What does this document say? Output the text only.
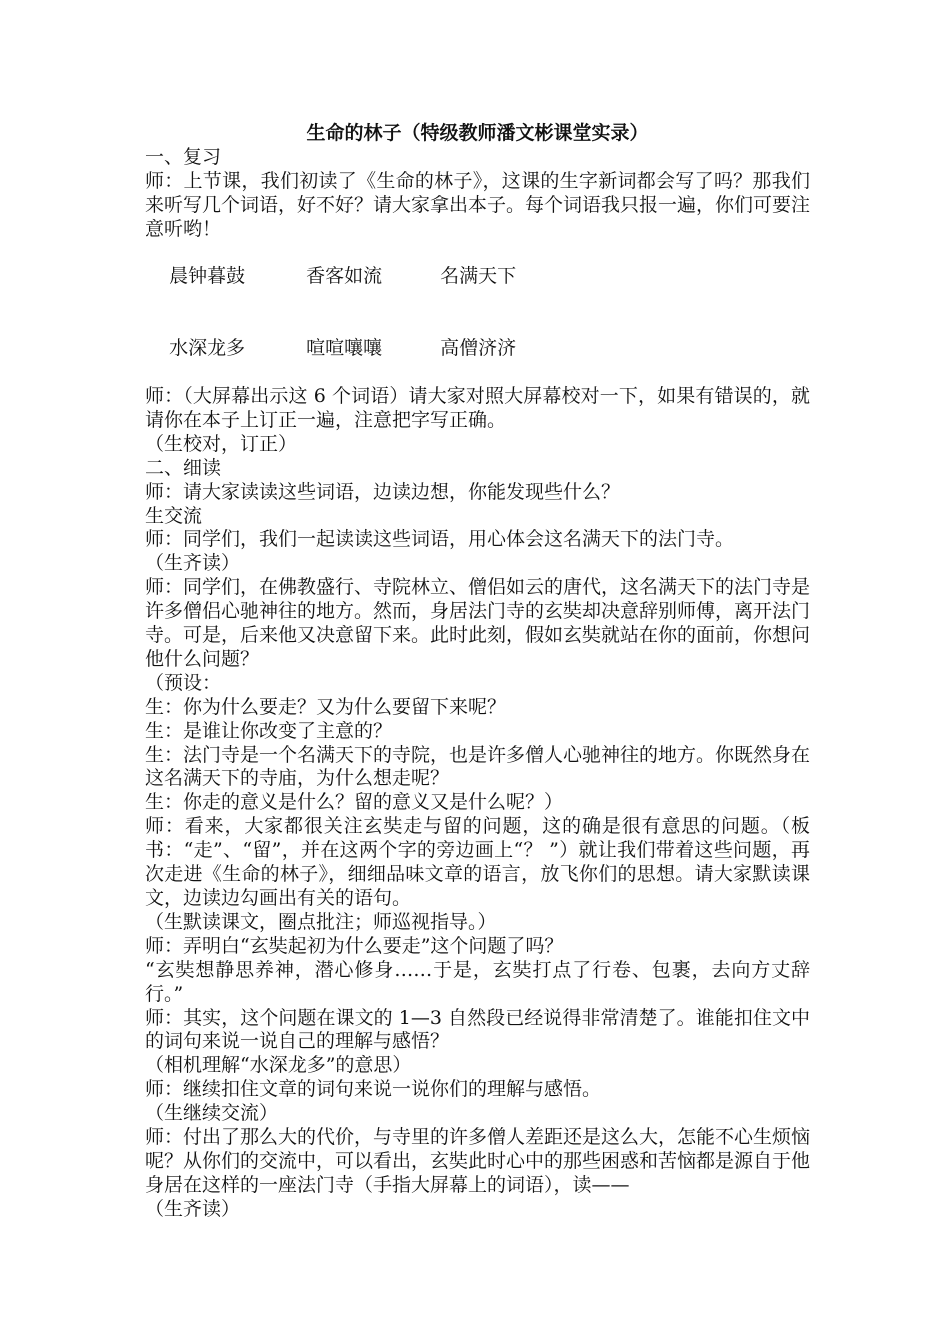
生命的林子（特级教师潘文彬课堂实录）

一、复习

师：上节课，我们初读了《生命的林子》，这课的生字新词都会写了吗？那我们来听写几个词语，好不好？请大家拿出本子。每个词语我只报一遍，你们可要注意听哟！

晨钟暮鼓	香客如流	名满天下

水深龙多	喧喧嚷嚷	高僧济济

师：（大屏幕出示这 6 个词语）请大家对照大屏幕校对一下，如果有错误的，就请你在本子上订正一遍，注意把字写正确。

（生校对，订正）

二、细读

师：请大家读读这些词语，边读边想，你能发现些什么？

生交流

师：同学们，我们一起读读这些词语，用心体会这名满天下的法门寺。

（生齐读）

师：同学们，在佛教盛行、寺院林立、僧侣如云的唐代，这名满天下的法门寺是许多僧侣心驰神往的地方。然而，身居法门寺的玄奘却决意辞别师傅，离开法门寺。可是，后来他又决意留下来。此时此刻，假如玄奘就站在你的面前，你想问他什么问题？

（预设：

生：你为什么要走？又为什么要留下来呢？

生：是谁让你改变了主意的？

生：法门寺是一个名满天下的寺院，也是许多僧人心驰神往的地方。你既然身在这名满天下的寺庙，为什么想走呢？

生：你走的意义是什么？留的意义又是什么呢？）

师：看来，大家都很关注玄奘走与留的问题，这的确是很有意思的问题。（板书：“走”、“留”，并在这两个字的旁边画上“？ ”）就让我们带着这些问题，再次走进《生命的林子》，细细品味文章的语言，放飞你们的思想。请大家默读课文，边读边勾画出有关的语句。

（生默读课文，圈点批注；师巡视指导。）

师：弄明白“玄奘起初为什么要走”这个问题了吗？

“玄奘想静思养神，潜心修身……于是，玄奘打点了行卷、包裹，去向方丈辞行。”

师：其实，这个问题在课文的 1—3 自然段已经说得非常清楚了。谁能扣住文中的词句来说一说自己的理解与感悟？

（相机理解“水深龙多”的意思）

师：继续扣住文章的词句来说一说你们的理解与感悟。

（生继续交流）

师：付出了那么大的代价，与寺里的许多僧人差距还是这么大，怎能不心生烦恼呢？从你们的交流中，可以看出，玄奘此时心中的那些困惑和苦恼都是源自于他身居在这样的一座法门寺（手指大屏幕上的词语），读——

（生齐读）
